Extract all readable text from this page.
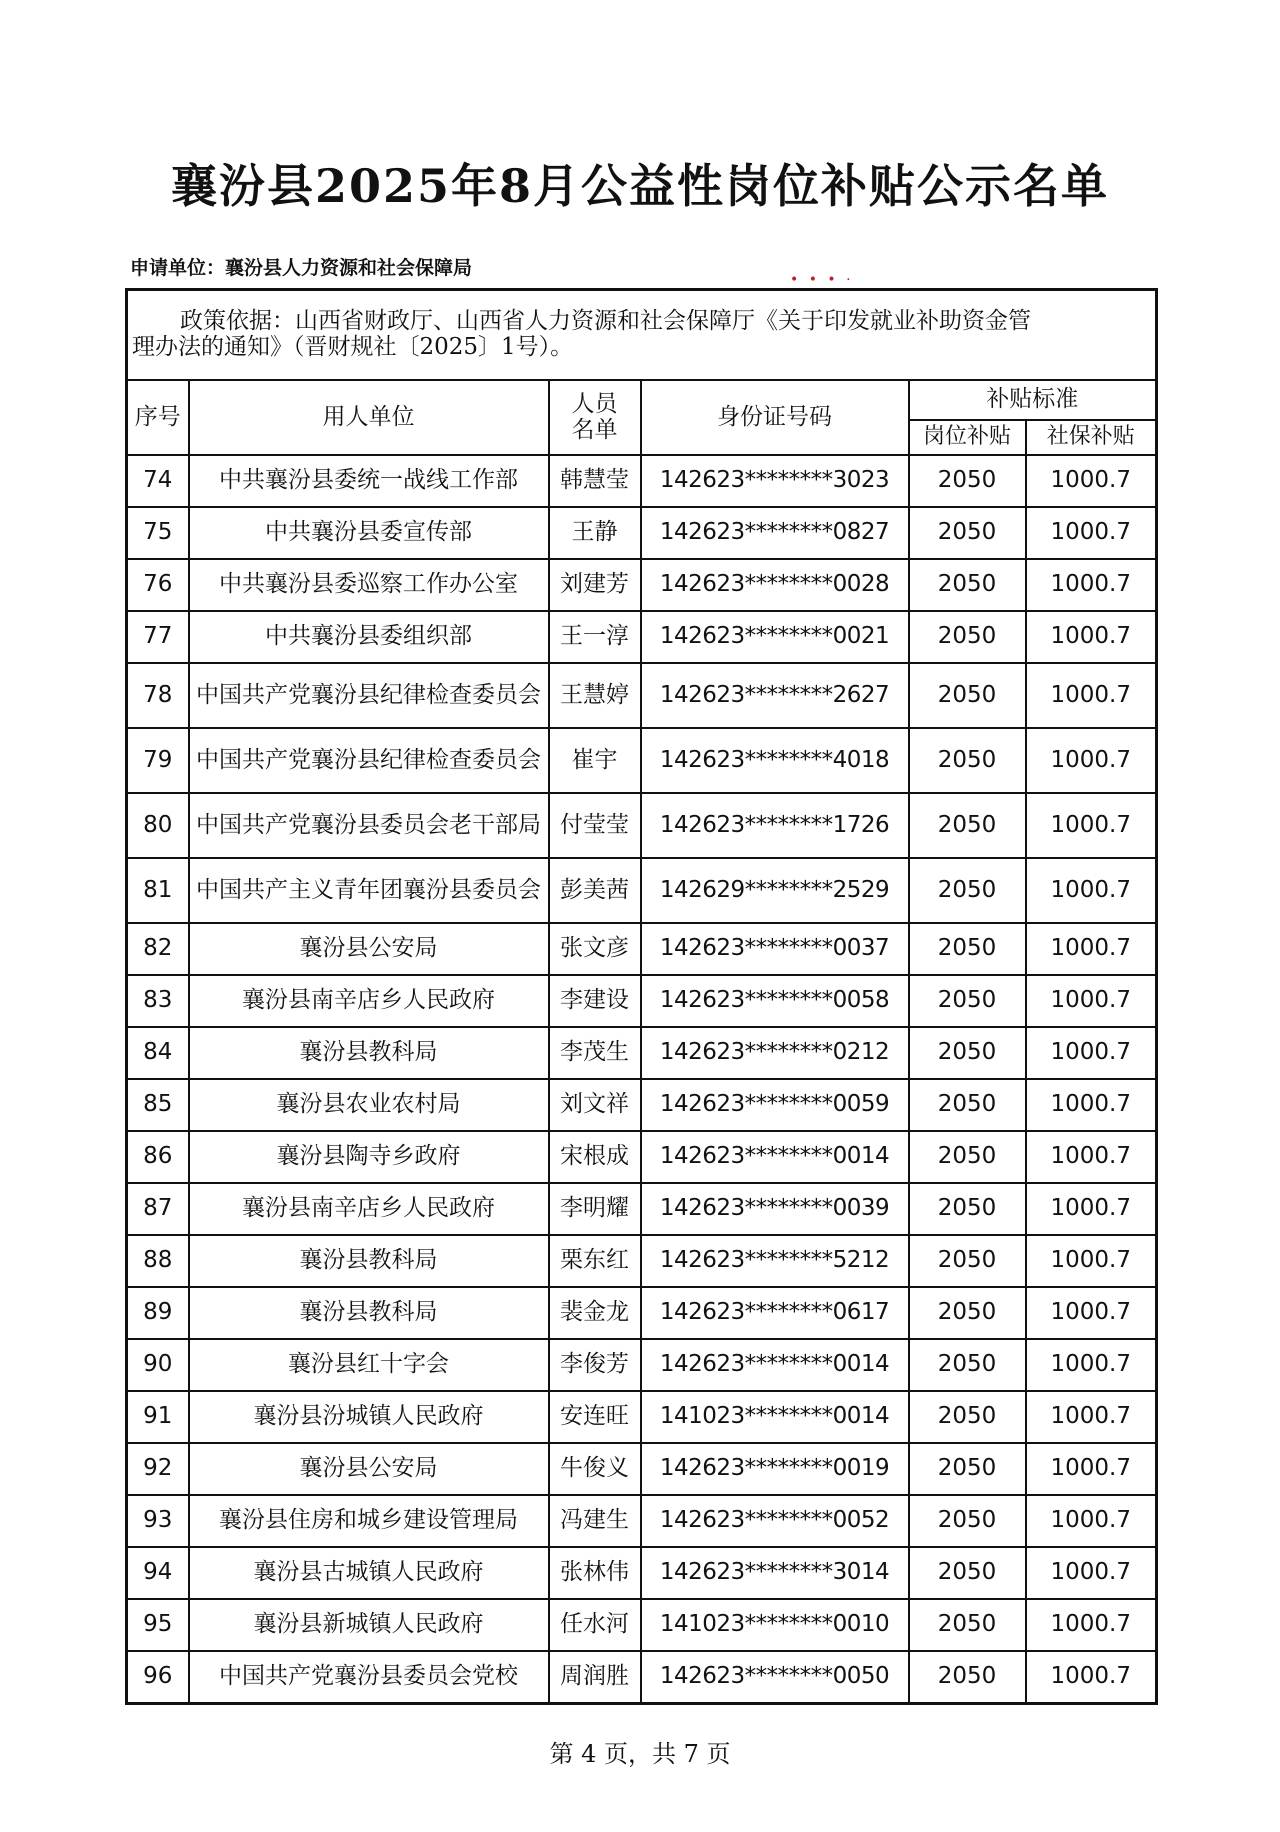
襄汾县2025年8月公益性岗位补贴公示名单
申请单位：襄汾县人力资源和社会保障局
• • • ·
政策依据：山西省财政厅、山西省人力资源和社会保障厅《关于印发就业补助资金管
理办法的通知》（晋财规社〔2025〕1号）。					

序号	用人单位	人员名单	身份证号码	补贴标准	
				岗位补贴	社保补贴
74	中共襄汾县委统一战线工作部	韩慧莹	142623********3023	2050	1000.7
75	中共襄汾县委宣传部	王静	142623********0827	2050	1000.7
76	中共襄汾县委巡察工作办公室	刘建芳	142623********0028	2050	1000.7
77	中共襄汾县委组织部	王一淳	142623********0021	2050	1000.7
78	中国共产党襄汾县纪律检查委员会	王慧婷	142623********2627	2050	1000.7
79	中国共产党襄汾县纪律检查委员会	崔宇	142623********4018	2050	1000.7
80	中国共产党襄汾县委员会老干部局	付莹莹	142623********1726	2050	1000.7
81	中国共产主义青年团襄汾县委员会	彭美茜	142629********2529	2050	1000.7
82	襄汾县公安局	张文彦	142623********0037	2050	1000.7
83	襄汾县南辛店乡人民政府	李建设	142623********0058	2050	1000.7
84	襄汾县教科局	李茂生	142623********0212	2050	1000.7
85	襄汾县农业农村局	刘文祥	142623********0059	2050	1000.7
86	襄汾县陶寺乡政府	宋根成	142623********0014	2050	1000.7
87	襄汾县南辛店乡人民政府	李明耀	142623********0039	2050	1000.7
88	襄汾县教科局	栗东红	142623********5212	2050	1000.7
89	襄汾县教科局	裴金龙	142623********0617	2050	1000.7
90	襄汾县红十字会	李俊芳	142623********0014	2050	1000.7
91	襄汾县汾城镇人民政府	安连旺	141023********0014	2050	1000.7
92	襄汾县公安局	牛俊义	142623********0019	2050	1000.7
93	襄汾县住房和城乡建设管理局	冯建生	142623********0052	2050	1000.7
94	襄汾县古城镇人民政府	张林伟	142623********3014	2050	1000.7
95	襄汾县新城镇人民政府	任水河	141023********0010	2050	1000.7
96	中国共产党襄汾县委员会党校	周润胜	142623********0050	2050	1000.7
第 4 页，共 7 页
